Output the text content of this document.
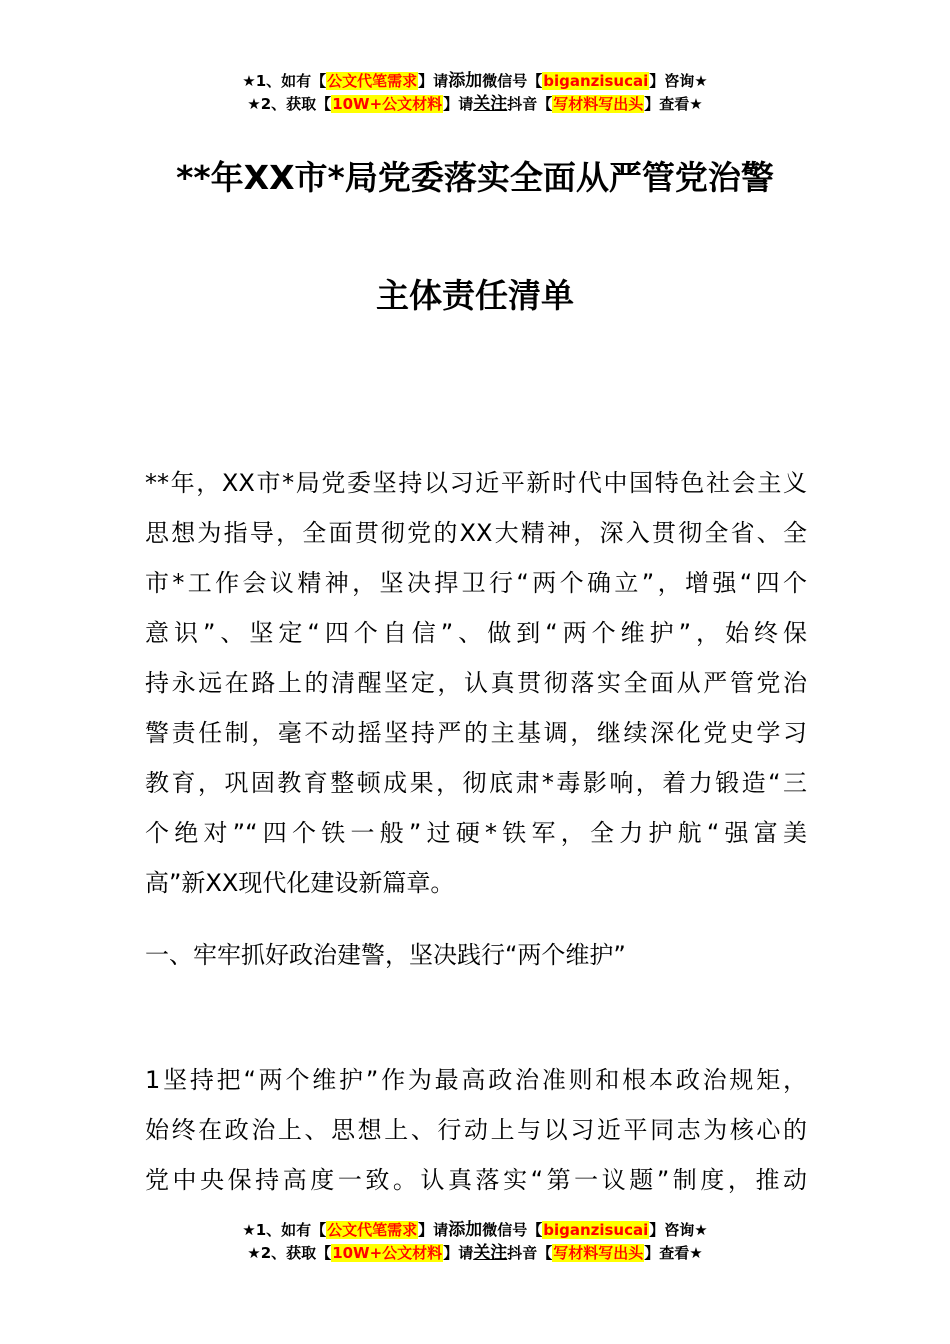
★1、如有【公文代笔需求】请添加微信号【biganzisucai】咨询★
★2、获取【10W+公文材料】请关注抖音【写材料写出头】查看★
**年XX市*局党委落实全面从严管党治警
主体责任清单
**年，XX市*局党委坚持以习近平新时代中国特色社会主义
思想为指导，全面贯彻党的XX大精神，深入贯彻全省、全
市*工作会议精神，坚决捍卫行“两个确立”，增强“四个
意识”、坚定“四个自信”、做到“两个维护”，始终保
持永远在路上的清醒坚定，认真贯彻落实全面从严管党治
警责任制，毫不动摇坚持严的主基调，继续深化党史学习
教育，巩固教育整顿成果，彻底肃*毒影响，着力锻造“三
个绝对”“四个铁一般”过硬*铁军，全力护航“强富美
高”新XX现代化建设新篇章。
一、牢牢抓好政治建警，坚决践行“两个维护”
1坚持把“两个维护”作为最高政治准则和根本政治规矩，
始终在政治上、思想上、行动上与以习近平同志为核心的
党中央保持高度一致。认真落实“第一议题”制度，推动
★1、如有【公文代笔需求】请添加微信号【biganzisucai】咨询★
★2、获取【10W+公文材料】请关注抖音【写材料写出头】查看★
